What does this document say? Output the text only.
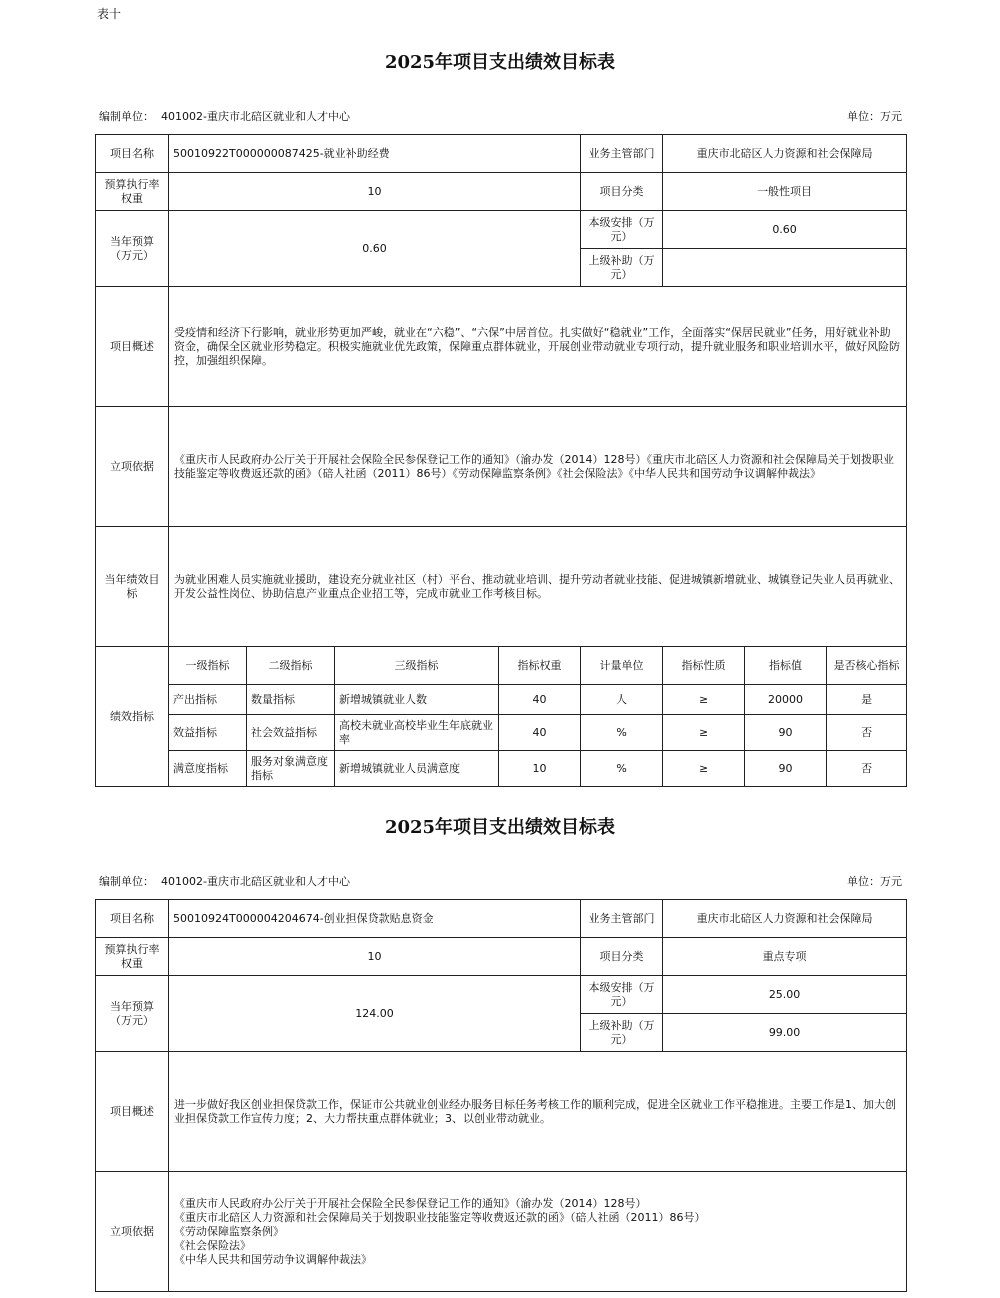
表十
2025年项目支出绩效目标表
编制单位： 401002-重庆市北碚区就业和人才中心	单位：万元
项目名称	50010922T000000087425-就业补助经费				业务主管部门	重庆市北碚区人力资源和社会保障局		
预算执行率权重	10				项目分类	一般性项目		
当年预算（万元）	0.60				本级安排（万元）	0.60		
					上级补助（万元）			
项目概述	受疫情和经济下行影响，就业形势更加严峻，就业在“六稳”、“六保”中居首位。扎实做好“稳就业”工作，全面落实“保居民就业”任务，用好就业补助资金，确保全区就业形势稳定。积极实施就业优先政策，保障重点群体就业，开展创业带动就业专项行动，提升就业服务和职业培训水平，做好风险防控，加强组织保障。							
立项依据	《重庆市人民政府办公厅关于开展社会保险全民参保登记工作的通知》（渝办发（2014）128号）《重庆市北碚区人力资源和社会保障局关于划拨职业技能鉴定等收费返还款的函》（碚人社函（2011）86号）《劳动保障监察条例》《社会保险法》《中华人民共和国劳动争议调解仲裁法》							
当年绩效目标	为就业困难人员实施就业援助，建设充分就业社区（村）平台、推动就业培训、提升劳动者就业技能、促进城镇新增就业、城镇登记失业人员再就业、开发公益性岗位、协助信息产业重点企业招工等，完成市就业工作考核目标。							
绩效指标	一级指标	二级指标	三级指标	指标权重	计量单位	指标性质	指标值	是否核心指标
	产出指标	数量指标	新增城镇就业人数	40	人	≥	20000	是
	效益指标	社会效益指标	高校未就业高校毕业生年底就业率	40	%	≥	90	否
	满意度指标	服务对象满意度指标	新增城镇就业人员满意度	10	%	≥	90	否
2025年项目支出绩效目标表
编制单位： 401002-重庆市北碚区就业和人才中心	单位：万元
项目名称	50010924T000004204674-创业担保贷款贴息资金	业务主管部门	重庆市北碚区人力资源和社会保障局
预算执行率权重	10	项目分类	重点专项
当年预算（万元）	124.00	本级安排（万元）	25.00
		上级补助（万元）	99.00
项目概述	进一步做好我区创业担保贷款工作，保证市公共就业创业经办服务目标任务考核工作的顺利完成，促进全区就业工作平稳推进。主要工作是1、加大创业担保贷款工作宣传力度；2、大力帮扶重点群体就业；3、以创业带动就业。		
立项依据	《重庆市人民政府办公厅关于开展社会保险全民参保登记工作的通知》（渝办发（2014）128号）
《重庆市北碚区人力资源和社会保障局关于划拨职业技能鉴定等收费返还款的函》（碚人社函（2011）86号）
《劳动保障监察条例》
《社会保险法》
《中华人民共和国劳动争议调解仲裁法》		
